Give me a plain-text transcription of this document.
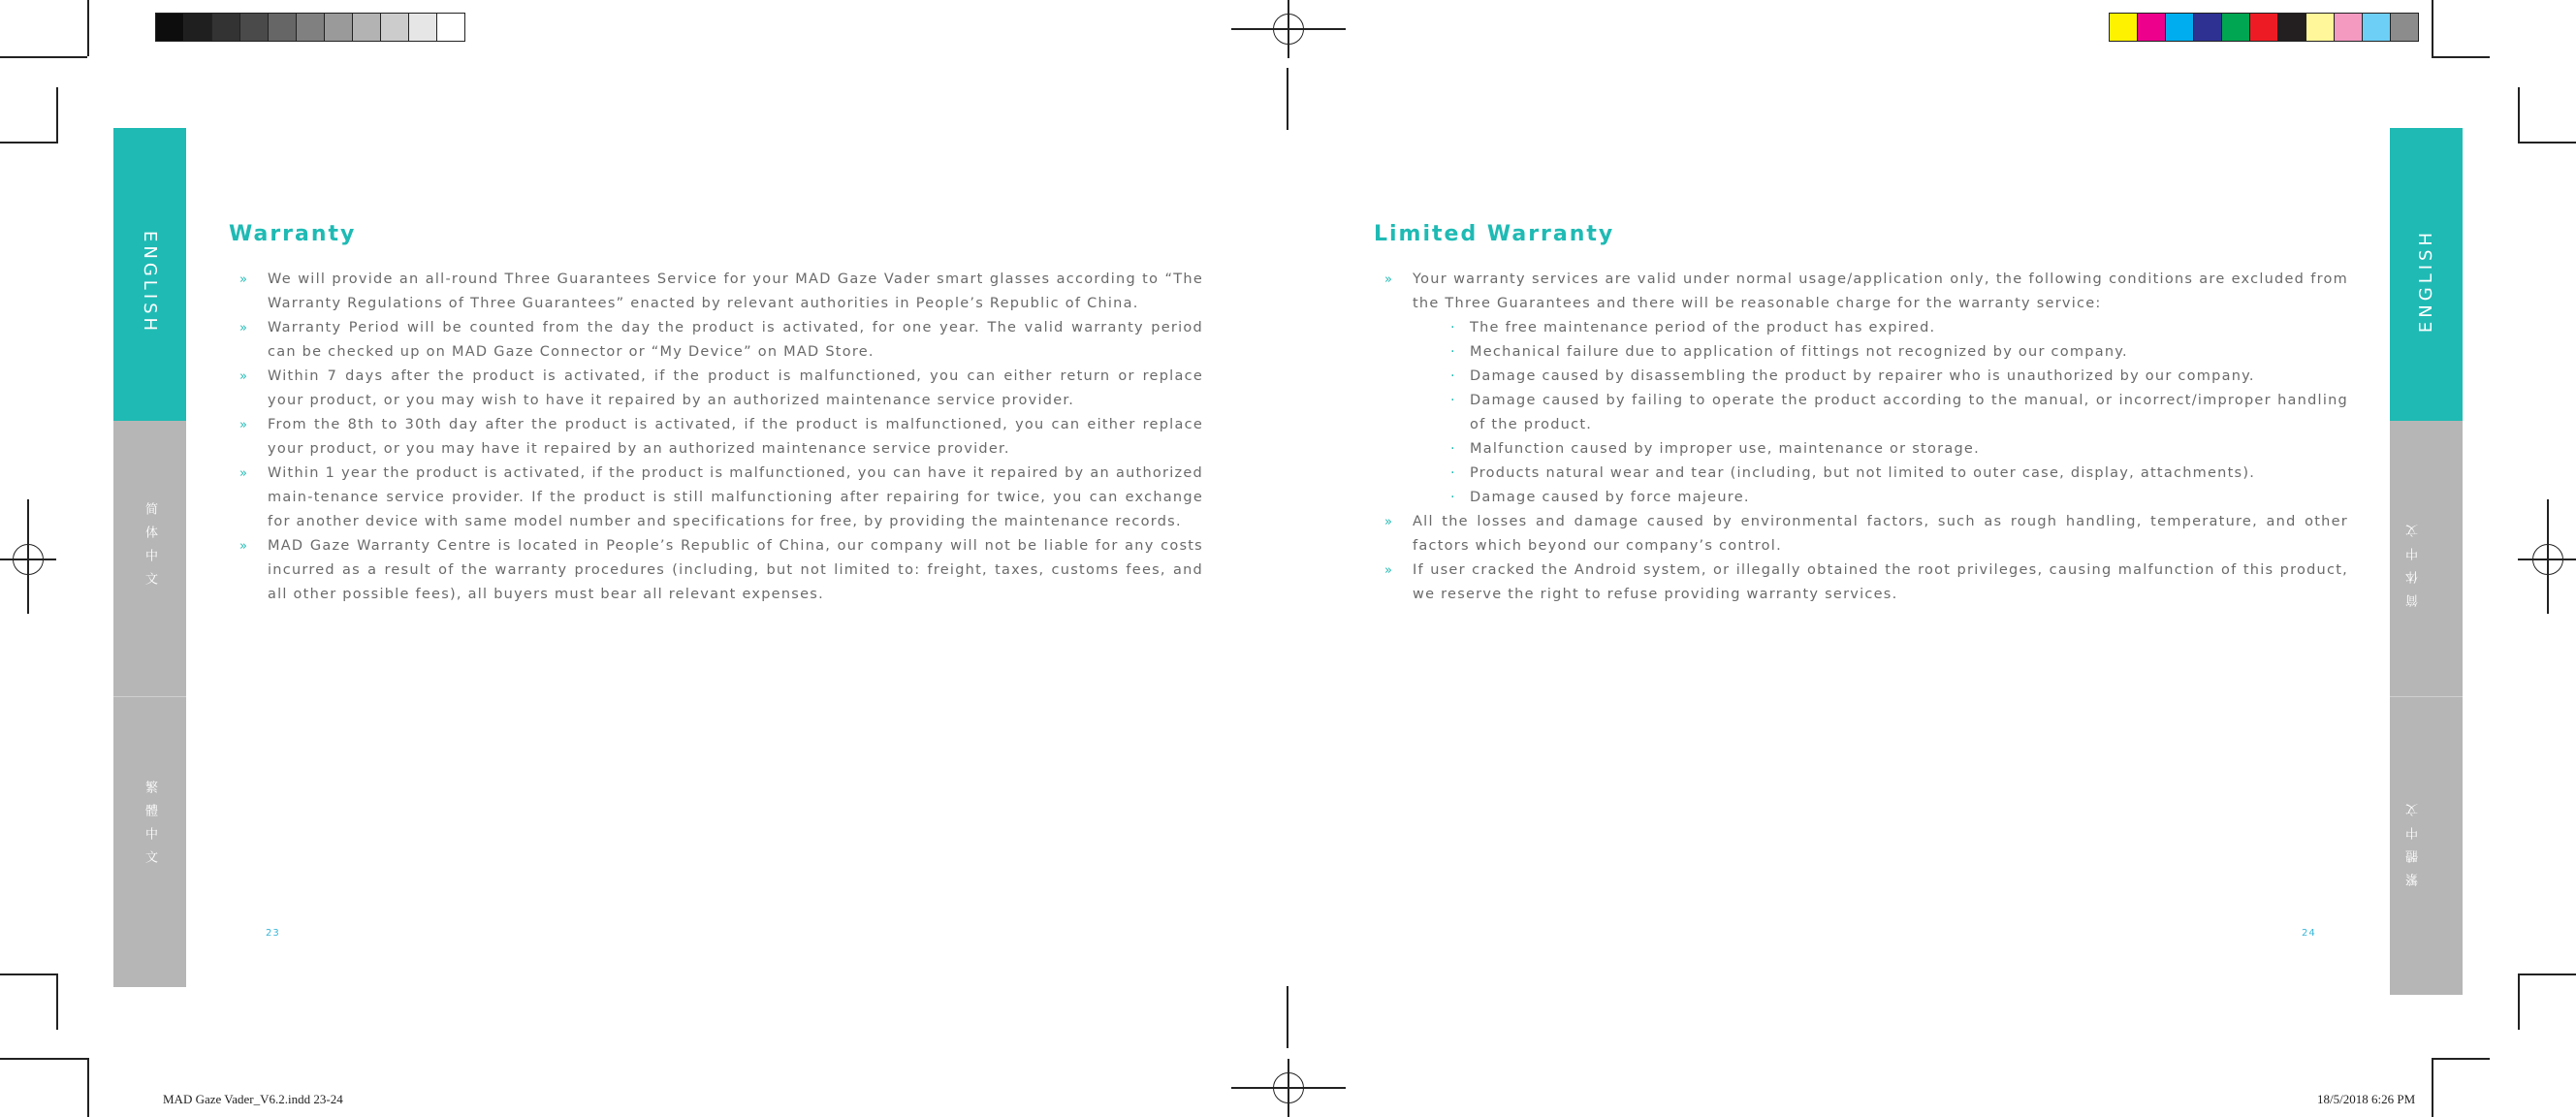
ENGLISH
简体中文
繁體中文
ENGLISH
简体中文
繁體中文
Warranty

» We will provide an all-round Three Guarantees Service for your MAD Gaze Vader smart glasses according to “The Warranty Regulations of Three Guarantees” enacted by relevant authorities in People’s Republic of China.

» Warranty Period will be counted from the day the product is activated, for one year. The valid warranty period can be checked up on MAD Gaze Connector or “My Device” on MAD Store.

» Within 7 days after the product is activated, if the product is malfunctioned, you can either return or replace your product, or you may wish to have it repaired by an authorized maintenance service provider.

» From the 8th to 30th day after the product is activated, if the product is malfunctioned, you can either replace your product, or you may have it repaired by an authorized maintenance service provider.

» Within 1 year the product is activated, if the product is malfunctioned, you can have it repaired by an authorized main-tenance service provider. If the product is still malfunctioning after repairing for twice, you can exchange for another device with same model number and specifications for free, by providing the maintenance records.

» MAD Gaze Warranty Centre is located in People’s Republic of China, our company will not be liable for any costs incurred as a result of the warranty procedures (including, but not limited to: freight, taxes, customs fees, and all other possible fees), all buyers must bear all relevant expenses.

23
Limited Warranty

» Your warranty services are valid under normal usage/application only, the following conditions are excluded from the Three Guarantees and there will be reasonable charge for the warranty service:

· The free maintenance period of the product has expired.

· Mechanical failure due to application of fittings not recognized by our company.

· Damage caused by disassembling the product by repairer who is unauthorized by our company.

· Damage caused by failing to operate the product according to the manual, or incorrect/improper handling of the product.

· Malfunction caused by improper use, maintenance or storage.

· Products natural wear and tear (including, but not limited to outer case, display, attachments).

· Damage caused by force majeure.

» All the losses and damage caused by environmental factors, such as rough handling, temperature, and other factors which beyond our company’s control.

» If user cracked the Android system, or illegally obtained the root privileges, causing malfunction of this product, we reserve the right to refuse providing warranty services.

24
MAD Gaze Vader_V6.2.indd 23-24	18/5/2018 6:26 PM
